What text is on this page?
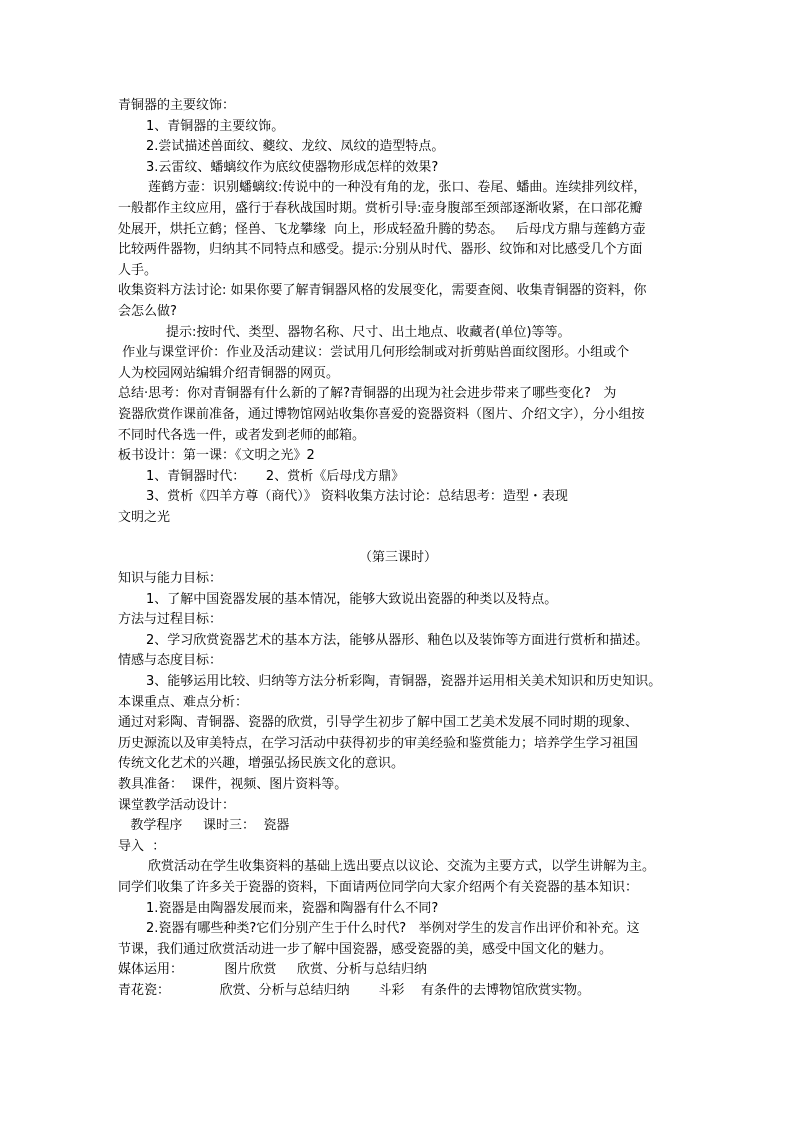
青铜器的主要纹饰：
1、青铜器的主要纹饰。
2.尝试描述兽面纹、夔纹、龙纹、凤纹的造型特点。
3.云雷纹、蟠螭纹作为底纹使器物形成怎样的效果?
莲鹤方壶：识别蟠螭纹:传说中的一种没有角的龙，张口、卷尾、蟠曲。连续排列纹样，
一般都作主纹应用，盛行于春秋战国时期。赏析引导:壶身腹部至颈部逐渐收紧，在口部花瓣
处展开，烘托立鹤；怪兽、飞龙攀缘  向上，形成轻盈升腾的势态。   后母戊方鼎与莲鹤方壶
比较两件器物，归纳其不同特点和感受。提示:分别从时代、器形、纹饰和对比感受几个方面
人手。
收集资料方法讨论: 如果你要了解青铜器风格的发展变化，需要查阅、收集青铜器的资料，你
会怎么做?
提示:按时代、类型、器物名称、尺寸、出土地点、收藏者(单位)等等。
作业与课堂评价：作业及活动建议：尝试用几何形绘制或对折剪贴兽面纹图形。小组或个
人为校园网站编辑介绍青铜器的网页。
总结·思考：你对青铜器有什么新的了解?青铜器的出现为社会进步带来了哪些变化?   为
瓷器欣赏作课前准备，通过博物馆网站收集你喜爱的瓷器资料（图片、介绍文字），分小组按
不同时代各选一件，或者发到老师的邮箱。
板书设计：第一课：《文明之光》2
1、青铜器时代：     2、赏析《后母戊方鼎》
3、赏析《四羊方尊（商代）》 资料收集方法讨论：总结思考：造型・表现
文明之光
（第三课时）
知识与能力目标：
1、了解中国瓷器发展的基本情况，能够大致说出瓷器的种类以及特点。
方法与过程目标：
2、学习欣赏瓷器艺术的基本方法，能够从器形、釉色以及装饰等方面进行赏析和描述。
情感与态度目标：
3、能够运用比较、归纳等方法分析彩陶，青铜器，瓷器并运用相关美术知识和历史知识。
本课重点、难点分析：
通过对彩陶、青铜器、瓷器的欣赏，引导学生初步了解中国工艺美术发展不同时期的现象、
历史源流以及审美特点，在学习活动中获得初步的审美经验和鉴赏能力；培养学生学习祖国
传统文化艺术的兴趣，增强弘扬民族文化的意识。
教具准备：  课件，视频、图片资料等。
课堂教学活动设计：
教学程序     课时三：  瓷器
导入  ：
欣赏活动在学生收集资料的基础上选出要点以议论、交流为主要方式，以学生讲解为主。
同学们收集了许多关于瓷器的资料，下面请两位同学向大家介绍两个有关瓷器的基本知识：
1.瓷器是由陶器发展而来，瓷器和陶器有什么不同?
2.瓷器有哪些种类?它们分别产生于什么时代?   举例对学生的发言作出评价和补充。这
节课，我们通过欣赏活动进一步了解中国瓷器，感受瓷器的美，感受中国文化的魅力。
媒体运用：          图片欣赏     欣赏、分析与总结归纳
青花瓷：            欣赏、分析与总结归纳       斗彩    有条件的去博物馆欣赏实物。
